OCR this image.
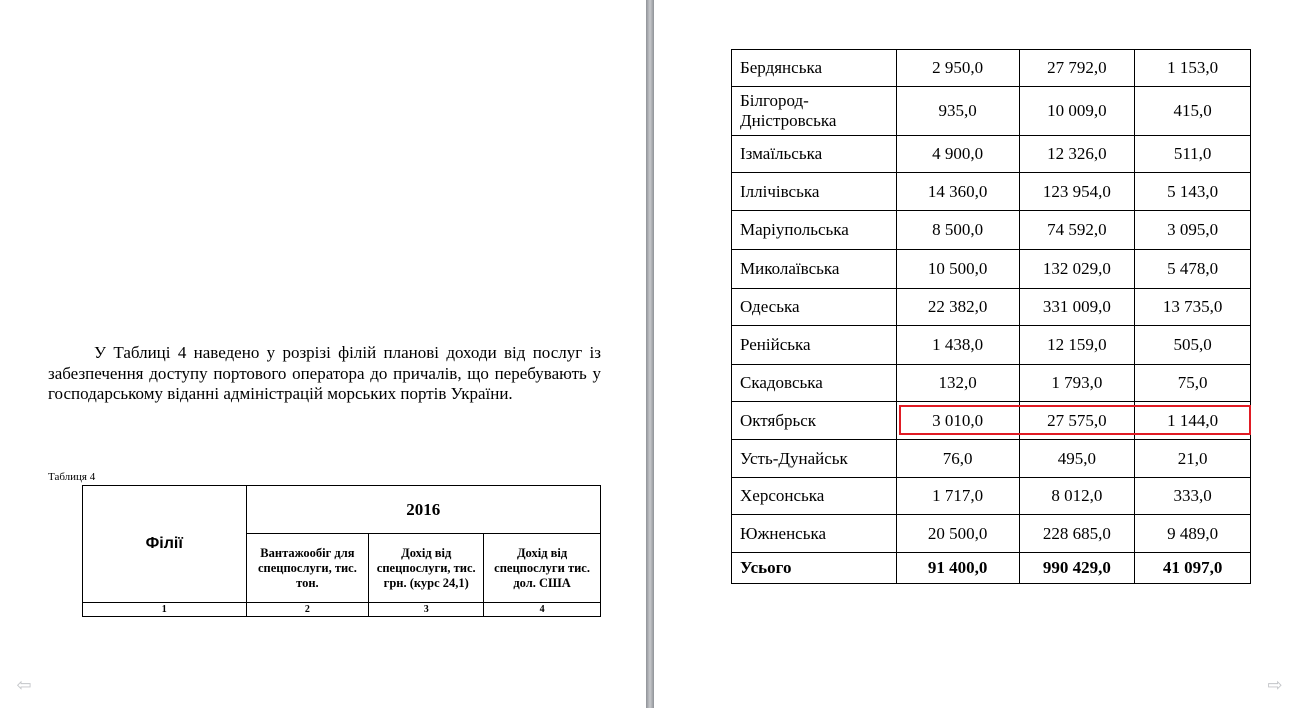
У Таблиці 4 наведено у розрізі філій планові доходи від послуг із забезпечення доступу портового оператора до причалів, що перебувають у господарському віданні адміністрацій морських портів України.

Таблиця 4
Філії	2016		
	Вантажообіг для спецпослуги, тис. тон.	Дохід від спецпослуги, тис. грн. (курс 24,1)	Дохід від спецпослуги тис. дол. США
1	2	3	4
⇦	⇨
Бердянська	2 950,0	27 792,0	1 153,0
Білгород-Дністровська	935,0	10 009,0	415,0
Ізмаїльська	4 900,0	12 326,0	511,0
Іллічівська	14 360,0	123 954,0	5 143,0
Маріупольська	8 500,0	74 592,0	3 095,0
Миколаївська	10 500,0	132 029,0	5 478,0
Одеська	22 382,0	331 009,0	13 735,0
Ренійська	1 438,0	12 159,0	505,0
Скадовська	132,0	1 793,0	75,0
Октябрьск	3 010,0	27 575,0	1 144,0
Усть-Дунайськ	76,0	495,0	21,0
Херсонська	1 717,0	8 012,0	333,0
Южненська	20 500,0	228 685,0	9 489,0
Усього	91 400,0	990 429,0	41 097,0
